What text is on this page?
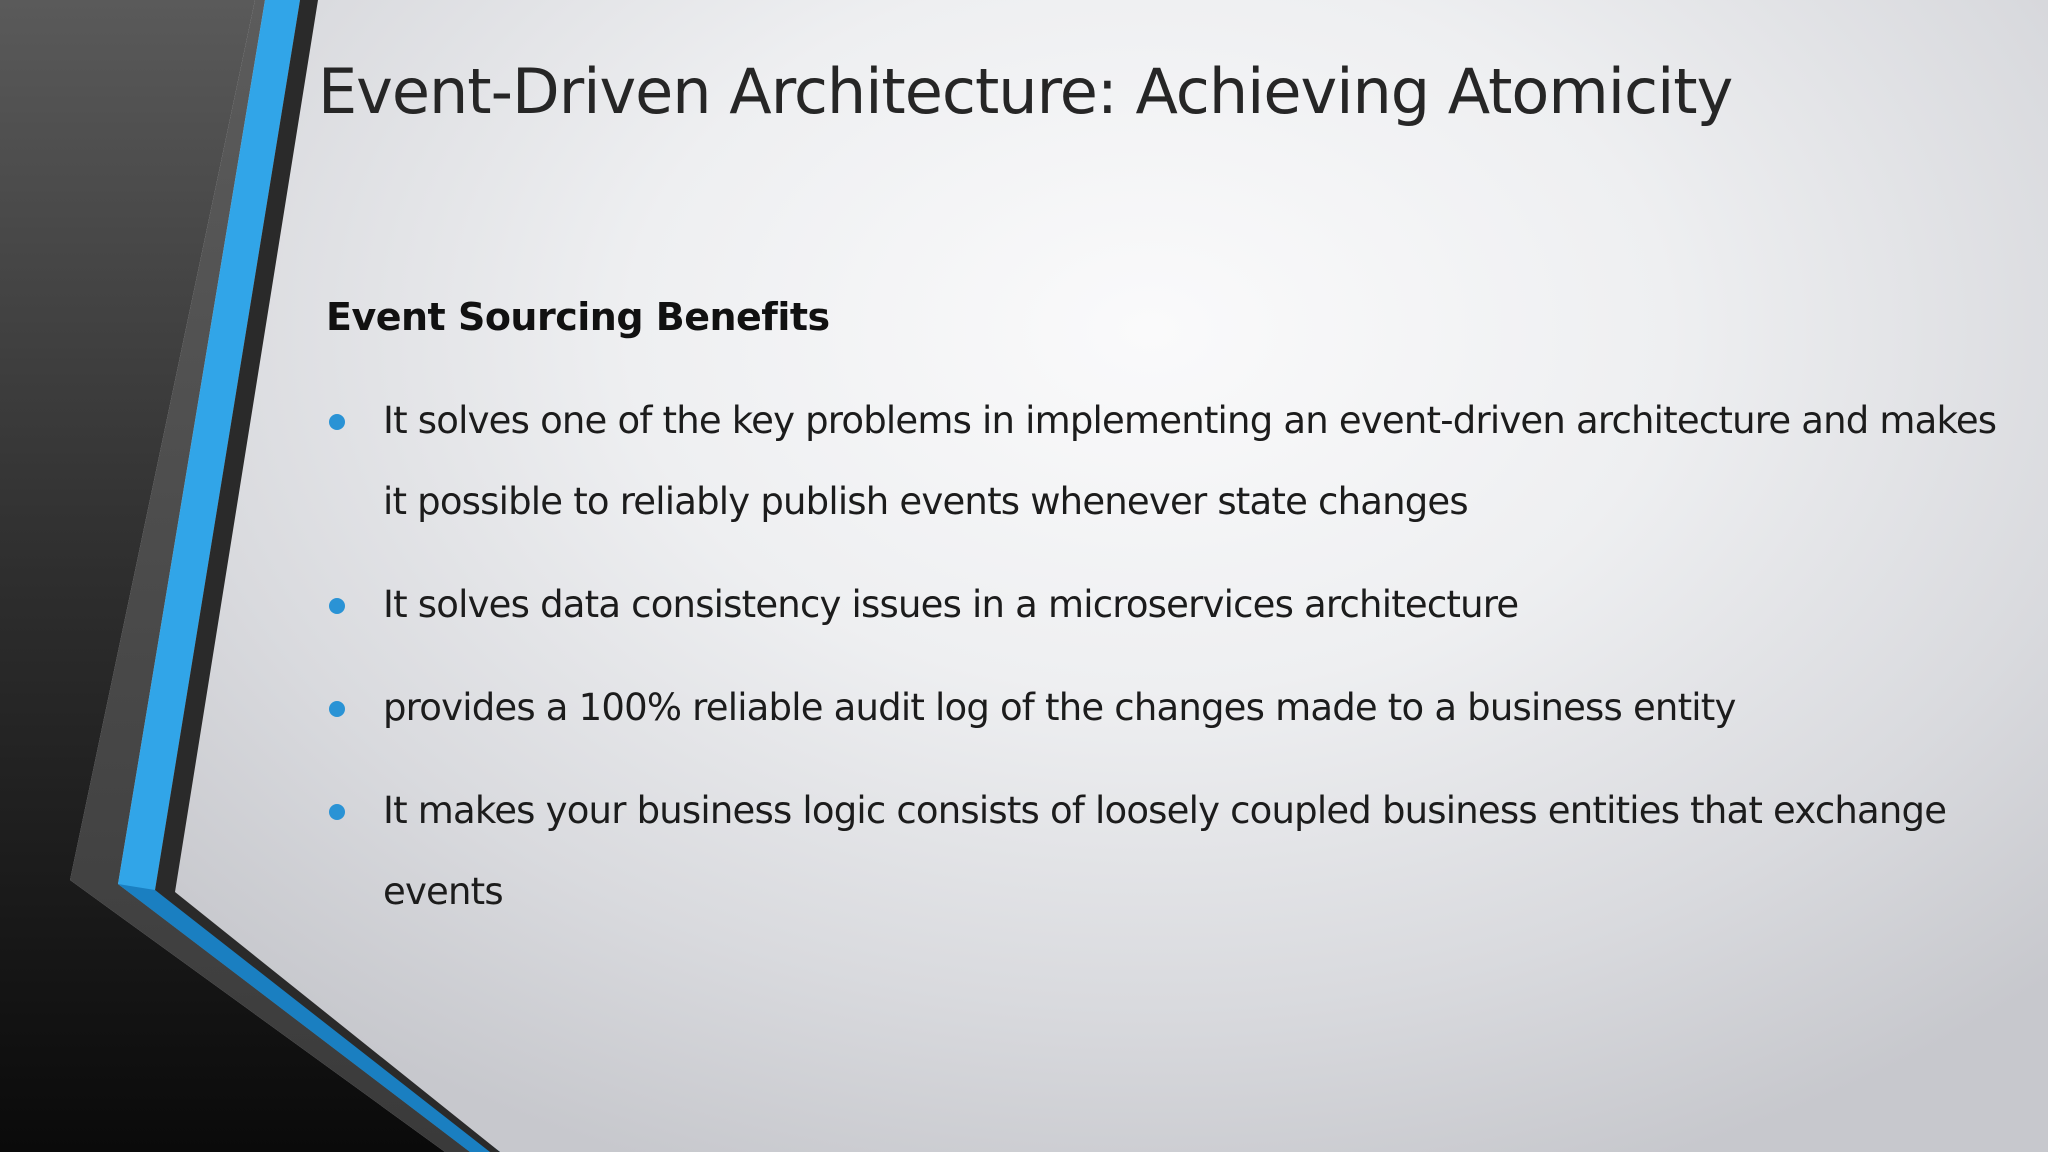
Event-Driven Architecture: Achieving Atomicity
Event Sourcing Benefits
It solves one of the key problems in implementing an event-driven architecture and makes it possible to reliably publish events whenever state changes
It solves data consistency issues in a microservices architecture
provides a 100% reliable audit log of the changes made to a business entity
It makes your business logic consists of loosely coupled business entities that exchange events
